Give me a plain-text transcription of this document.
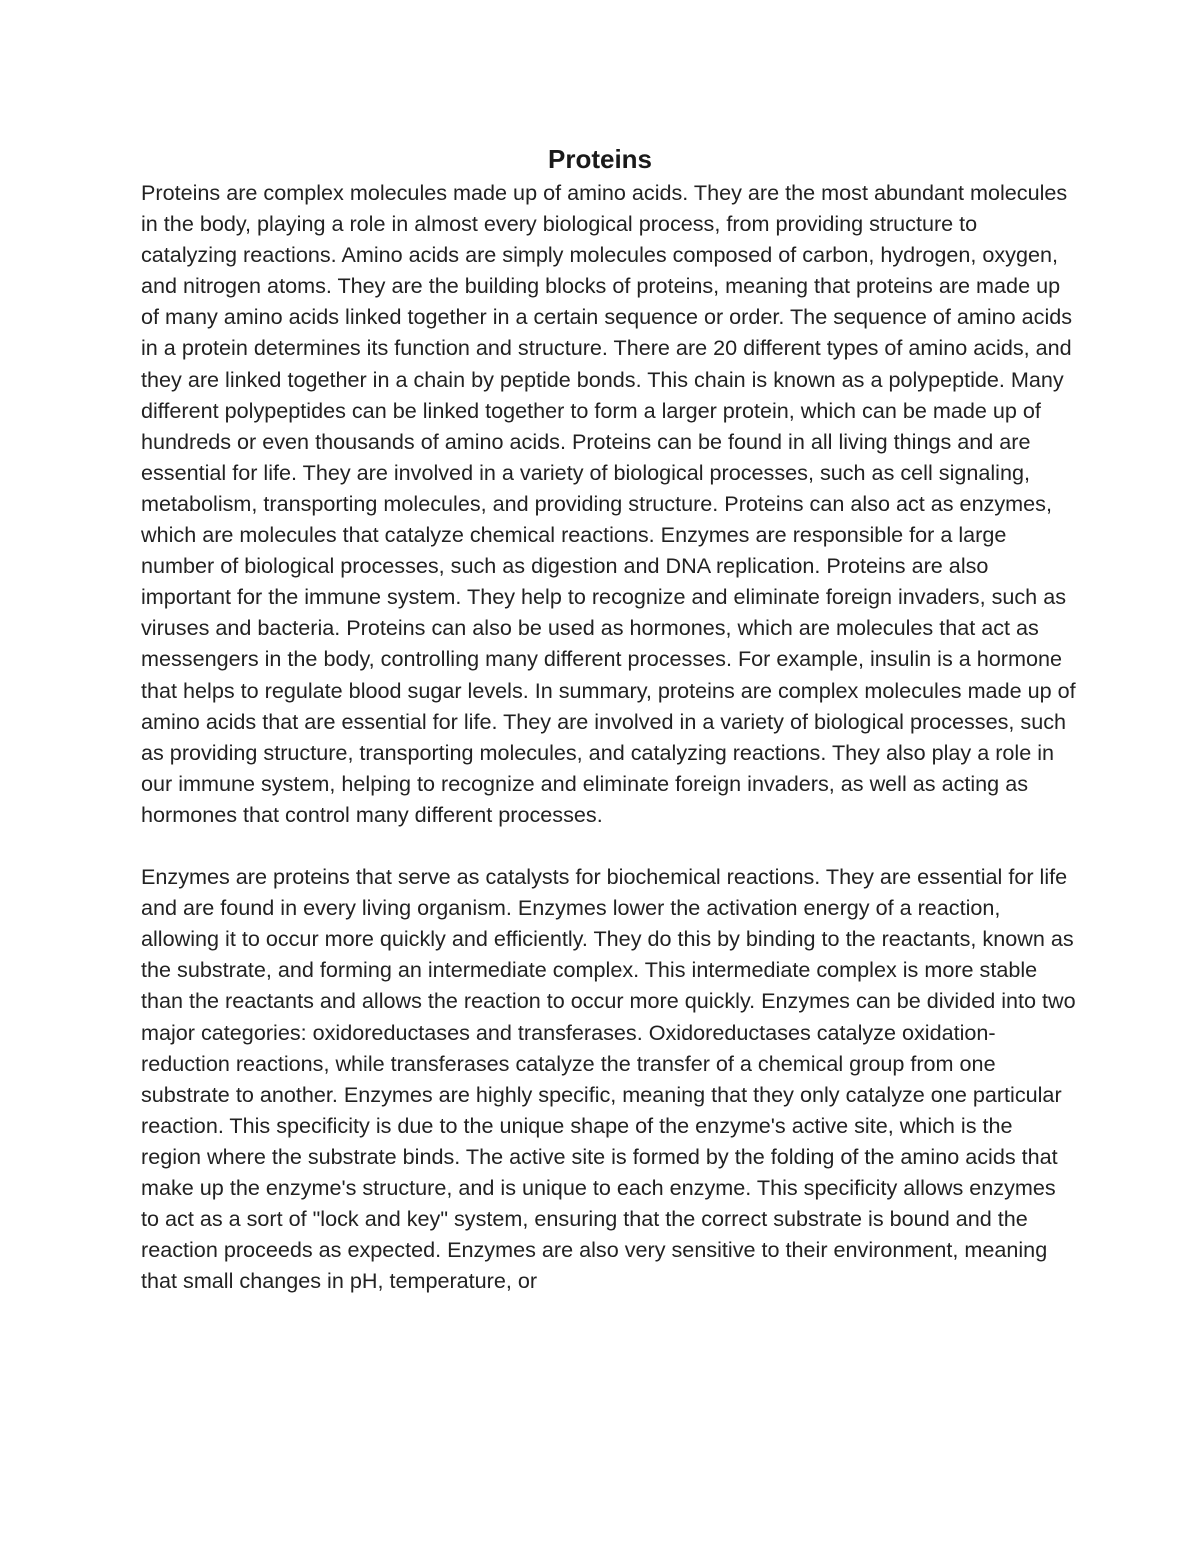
Proteins

Proteins are complex molecules made up of amino acids. They are the most abundant molecules in the body, playing a role in almost every biological process, from providing structure to catalyzing reactions. Amino acids are simply molecules composed of carbon, hydrogen, oxygen, and nitrogen atoms. They are the building blocks of proteins, meaning that proteins are made up of many amino acids linked together in a certain sequence or order. The sequence of amino acids in a protein determines its function and structure. There are 20 different types of amino acids, and they are linked together in a chain by peptide bonds. This chain is known as a polypeptide. Many different polypeptides can be linked together to form a larger protein, which can be made up of hundreds or even thousands of amino acids. Proteins can be found in all living things and are essential for life. They are involved in a variety of biological processes, such as cell signaling, metabolism, transporting molecules, and providing structure. Proteins can also act as enzymes, which are molecules that catalyze chemical reactions. Enzymes are responsible for a large number of biological processes, such as digestion and DNA replication. Proteins are also important for the immune system. They help to recognize and eliminate foreign invaders, such as viruses and bacteria. Proteins can also be used as hormones, which are molecules that act as messengers in the body, controlling many different processes. For example, insulin is a hormone that helps to regulate blood sugar levels. In summary, proteins are complex molecules made up of amino acids that are essential for life. They are involved in a variety of biological processes, such as providing structure, transporting molecules, and catalyzing reactions. They also play a role in our immune system, helping to recognize and eliminate foreign invaders, as well as acting as hormones that control many different processes.

Enzymes are proteins that serve as catalysts for biochemical reactions. They are essential for life and are found in every living organism. Enzymes lower the activation energy of a reaction, allowing it to occur more quickly and efficiently. They do this by binding to the reactants, known as the substrate, and forming an intermediate complex. This intermediate complex is more stable than the reactants and allows the reaction to occur more quickly. Enzymes can be divided into two major categories: oxidoreductases and transferases. Oxidoreductases catalyze oxidation-reduction reactions, while transferases catalyze the transfer of a chemical group from one substrate to another. Enzymes are highly specific, meaning that they only catalyze one particular reaction. This specificity is due to the unique shape of the enzyme's active site, which is the region where the substrate binds. The active site is formed by the folding of the amino acids that make up the enzyme's structure, and is unique to each enzyme. This specificity allows enzymes to act as a sort of "lock and key" system, ensuring that the correct substrate is bound and the reaction proceeds as expected. Enzymes are also very sensitive to their environment, meaning that small changes in pH, temperature, or
